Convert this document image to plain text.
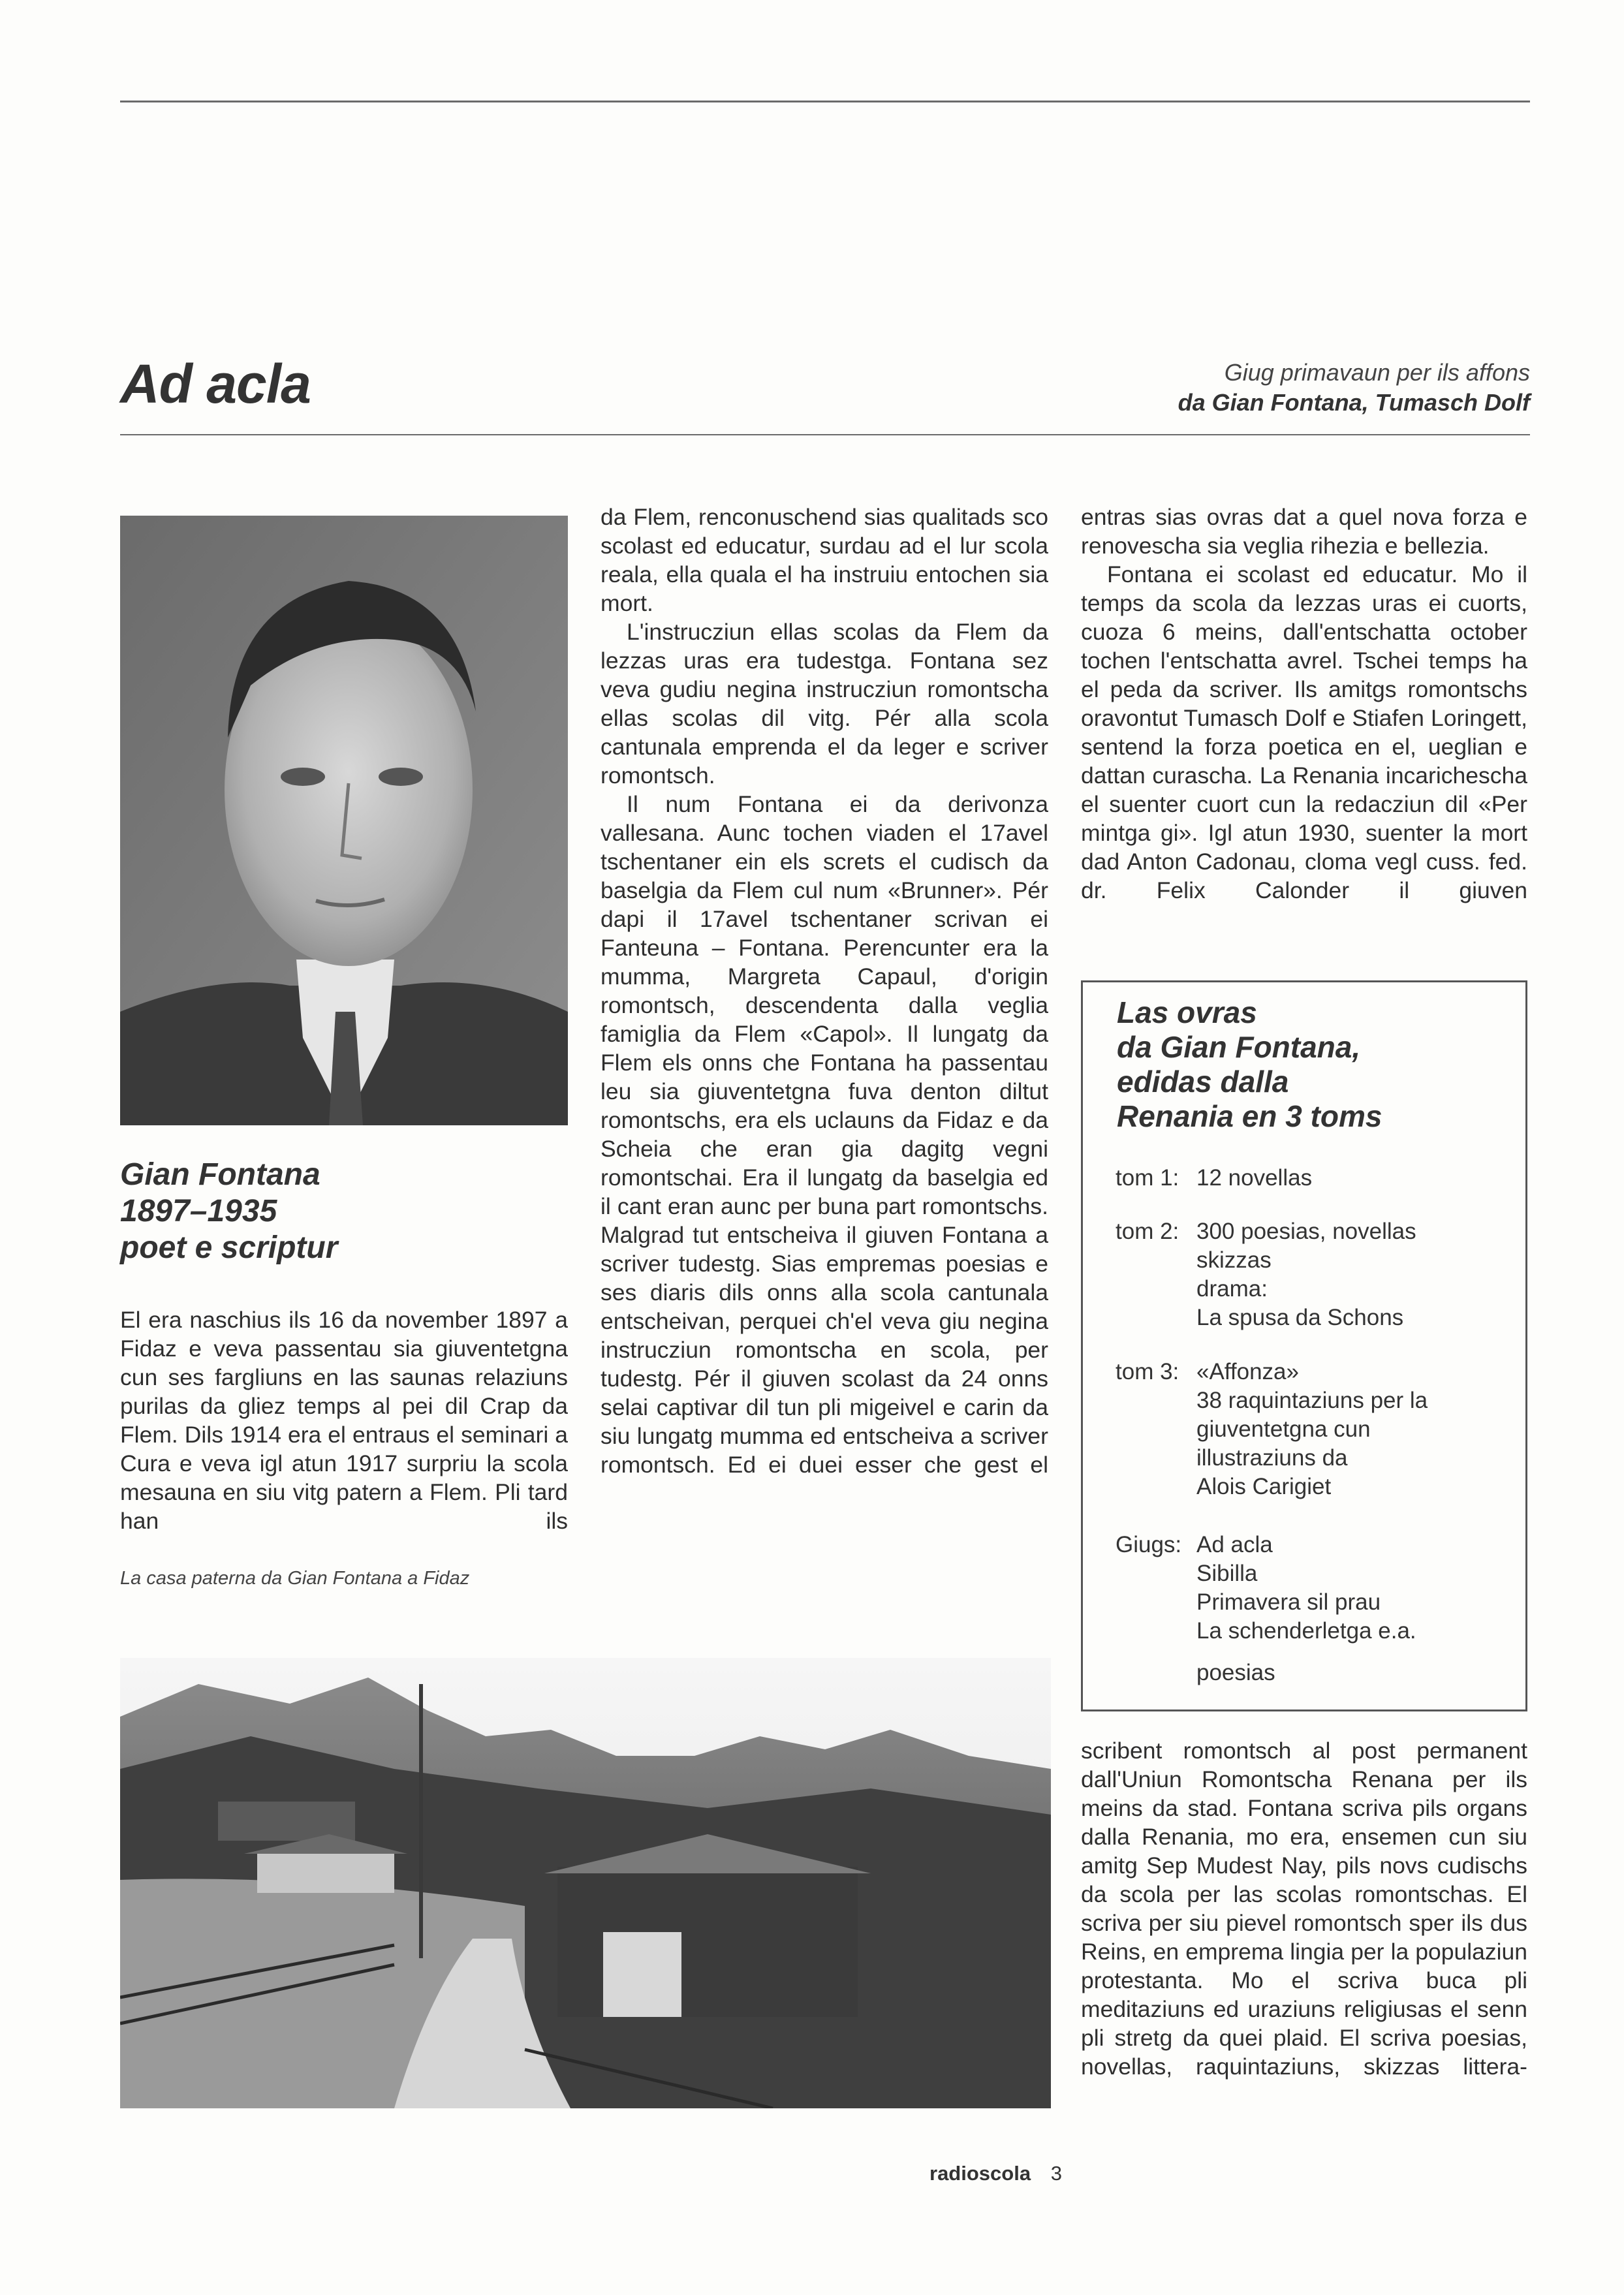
Ad acla	Giug primavaun per ils affons
da Gian Fontana, Tumasch Dolf
Gian Fontana
1897–1935
poet e scriptur

El era naschius ils 16 da november 1897 a Fidaz e veva passentau sia giuventetgna cun ses fargliuns en las saunas relaziuns purilas da gliez temps al pei dil Crap da Flem. Dils 1914 era el entraus el seminari a Cura e veva igl atun 1917 surpriu la scola mesauna en siu vitg patern a Flem. Pli tard han ils

La casa paterna da Gian Fontana a Fidaz

da Flem, renconuschend sias qualitads sco scolast ed educatur, surdau ad el lur scola reala, ella quala el ha instruiu entochen sia mort.

L'instrucziun ellas scolas da Flem da lezzas uras era tudestga. Fontana sez veva gudiu negina instrucziun romontscha ellas scolas dil vitg. Pér alla scola cantunala emprenda el da leger e scriver romontsch.

Il num Fontana ei da derivonza vallesana. Aunc tochen viaden el 17avel tschentaner ein els screts el cudisch da baselgia da Flem cul num «Brunner». Pér dapi il 17avel tschentaner scrivan ei Fanteuna – Fontana. Perencunter era la mumma, Margreta Capaul, d'origin romontsch, descendenta dalla veglia famiglia da Flem «Capol». Il lungatg da Flem els onns che Fontana ha passentau leu sia giuventetgna fuva denton diltut romontschs, era els uclauns da Fidaz e da Scheia che eran gia dagitg vegni romontschai. Era il lungatg da baselgia ed il cant eran aunc per buna part romontschs. Malgrad tut entscheiva il giuven Fontana a scriver tudestg. Sias empremas poesias e ses diaris dils onns alla scola cantunala entscheivan, perquei ch'el veva giu negina instrucziun romontscha en scola, per tudestg. Pér il giuven scolast da 24 onns selai captivar dil tun pli migeivel e carin da siu lungatg mumma ed entscheiva a scriver romontsch. Ed ei duei esser che gest el

entras sias ovras dat a quel nova forza e renovescha sia veglia rihezia e bellezia.

Fontana ei scolast ed educatur. Mo il temps da scola da lezzas uras ei cuorts, cuoza 6 meins, dall'entschatta october tochen l'entschatta avrel. Tschei temps ha el peda da scriver. Ils amitgs romontschs oravontut Tumasch Dolf e Stiafen Loringett, sentend la forza poetica en el, ueglian e dattan curascha. La Renania incarichescha el suenter cuort cun la redacziun dil «Per mintga gi». Igl atun 1930, suenter la mort dad Anton Cadonau, cloma vegl cuss. fed. dr. Felix Calonder il giuven

Las ovras
da Gian Fontana,
edidas dalla
Renania en 3 toms
tom 1: 12 novellas
tom 2: 300 poesias, novellas
skizzas
drama:
La spusa da Schons
tom 3: «Affonza»
38 raquintaziuns per la
giuventetgna cun
illustraziuns da
Alois Carigiet
Giugs: Ad acla
Sibilla
Primavera sil prau
La schenderletga e.a.
poesias

scribent romontsch al post permanent dall'Uniun Romontscha Renana per ils meins da stad. Fontana scriva pils organs dalla Renania, mo era, ensemen cun siu amitg Sep Mudest Nay, pils novs cudischs da scola per las scolas romontschas. El scriva per siu pievel romontsch sper ils dus Reins, en emprema lingia per la populaziun protestanta. Mo el scriva buca pli meditaziuns ed uraziuns religiusas el senn pli stretg da quei plaid. El scriva poesias, novellas, raquintaziuns, skizzas littera-

radioscola 3
